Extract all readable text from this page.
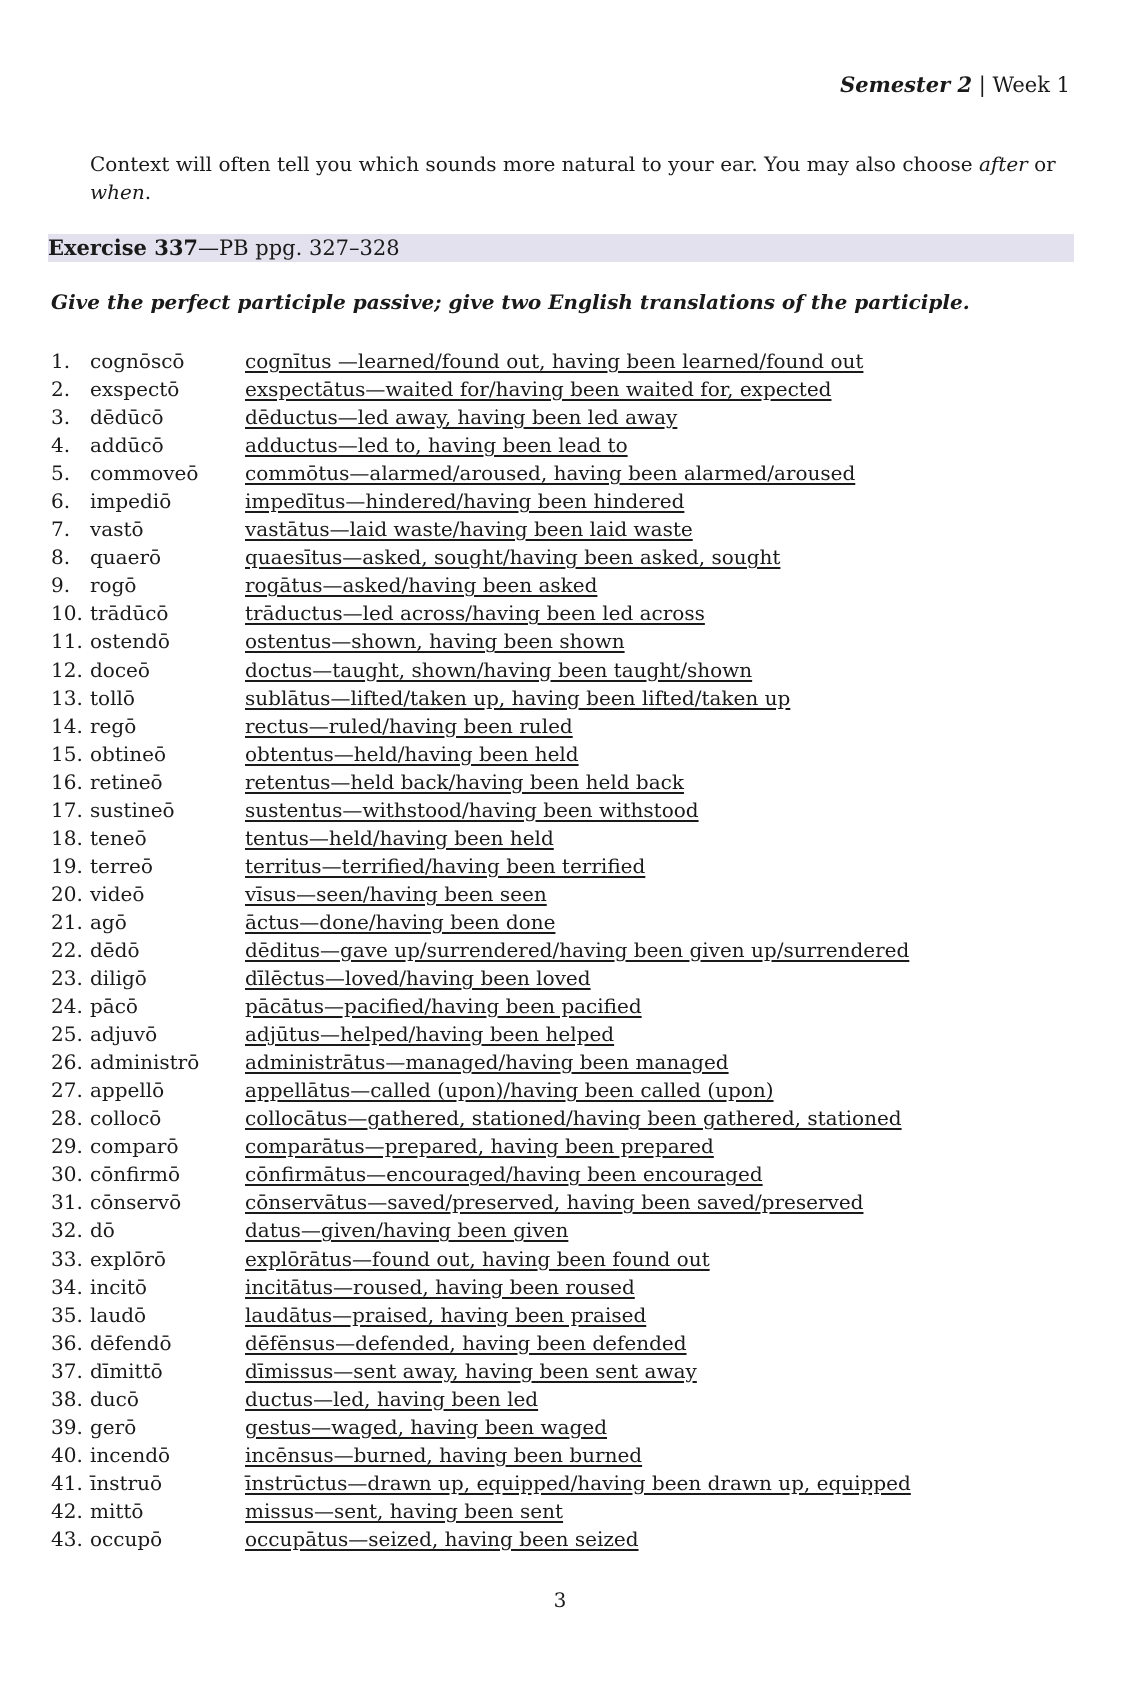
Semester 2 | Week 1

Context will often tell you which sounds more natural to your ear. You may also choose after or when.

Exercise 337—PB ppg. 327–328
Give the perfect participle passive; give two English translations of the participle.
1. cognōscō	cognītus —learned/found out, having been learned/found out
2. exspectō	exspectātus—waited for/having been waited for, expected
3. dēdūcō	dēductus—led away, having been led away
4. addūcō	adductus—led to, having been lead to
5. commoveō	commōtus—alarmed/aroused, having been alarmed/aroused
6. impediō	impedītus—hindered/having been hindered
7. vastō	vastātus—laid waste/having been laid waste
8. quaerō	quaesītus—asked, sought/having been asked, sought
9. rogō	rogātus—asked/having been asked
10. trādūcō	trāductus—led across/having been led across
11. ostendō	ostentus—shown, having been shown
12. doceō	doctus—taught, shown/having been taught/shown
13. tollō	sublātus—lifted/taken up, having been lifted/taken up
14. regō	rectus—ruled/having been ruled
15. obtineō	obtentus—held/having been held
16. retineō	retentus—held back/having been held back
17. sustineō	sustentus—withstood/having been withstood
18. teneō	tentus—held/having been held
19. terreō	territus—terrified/having been terrified
20. videō	vīsus—seen/having been seen
21. agō	āctus—done/having been done
22. dēdō	dēditus—gave up/surrendered/having been given up/surrendered
23. diligō	dīlēctus—loved/having been loved
24. pācō	pācātus—pacified/having been pacified
25. adjuvō	adjūtus—helped/having been helped
26. administrō	administrātus—managed/having been managed
27. appellō	appellātus—called (upon)/having been called (upon)
28. collocō	collocātus—gathered, stationed/having been gathered, stationed
29. comparō	comparātus—prepared, having been prepared
30. cōnfirmō	cōnfirmātus—encouraged/having been encouraged
31. cōnservō	cōnservātus—saved/preserved, having been saved/preserved
32. dō	datus—given/having been given
33. explōrō	explōrātus—found out, having been found out
34. incitō	incitātus—roused, having been roused
35. laudō	laudātus—praised, having been praised
36. dēfendō	dēfēnsus—defended, having been defended
37. dīmittō	dīmissus—sent away, having been sent away
38. ducō	ductus—led, having been led
39. gerō	gestus—waged, having been waged
40. incendō	incēnsus—burned, having been burned
41. īnstruō	īnstrūctus—drawn up, equipped/having been drawn up, equipped
42. mittō	missus—sent, having been sent
43. occupō	occupātus—seized, having been seized
3
